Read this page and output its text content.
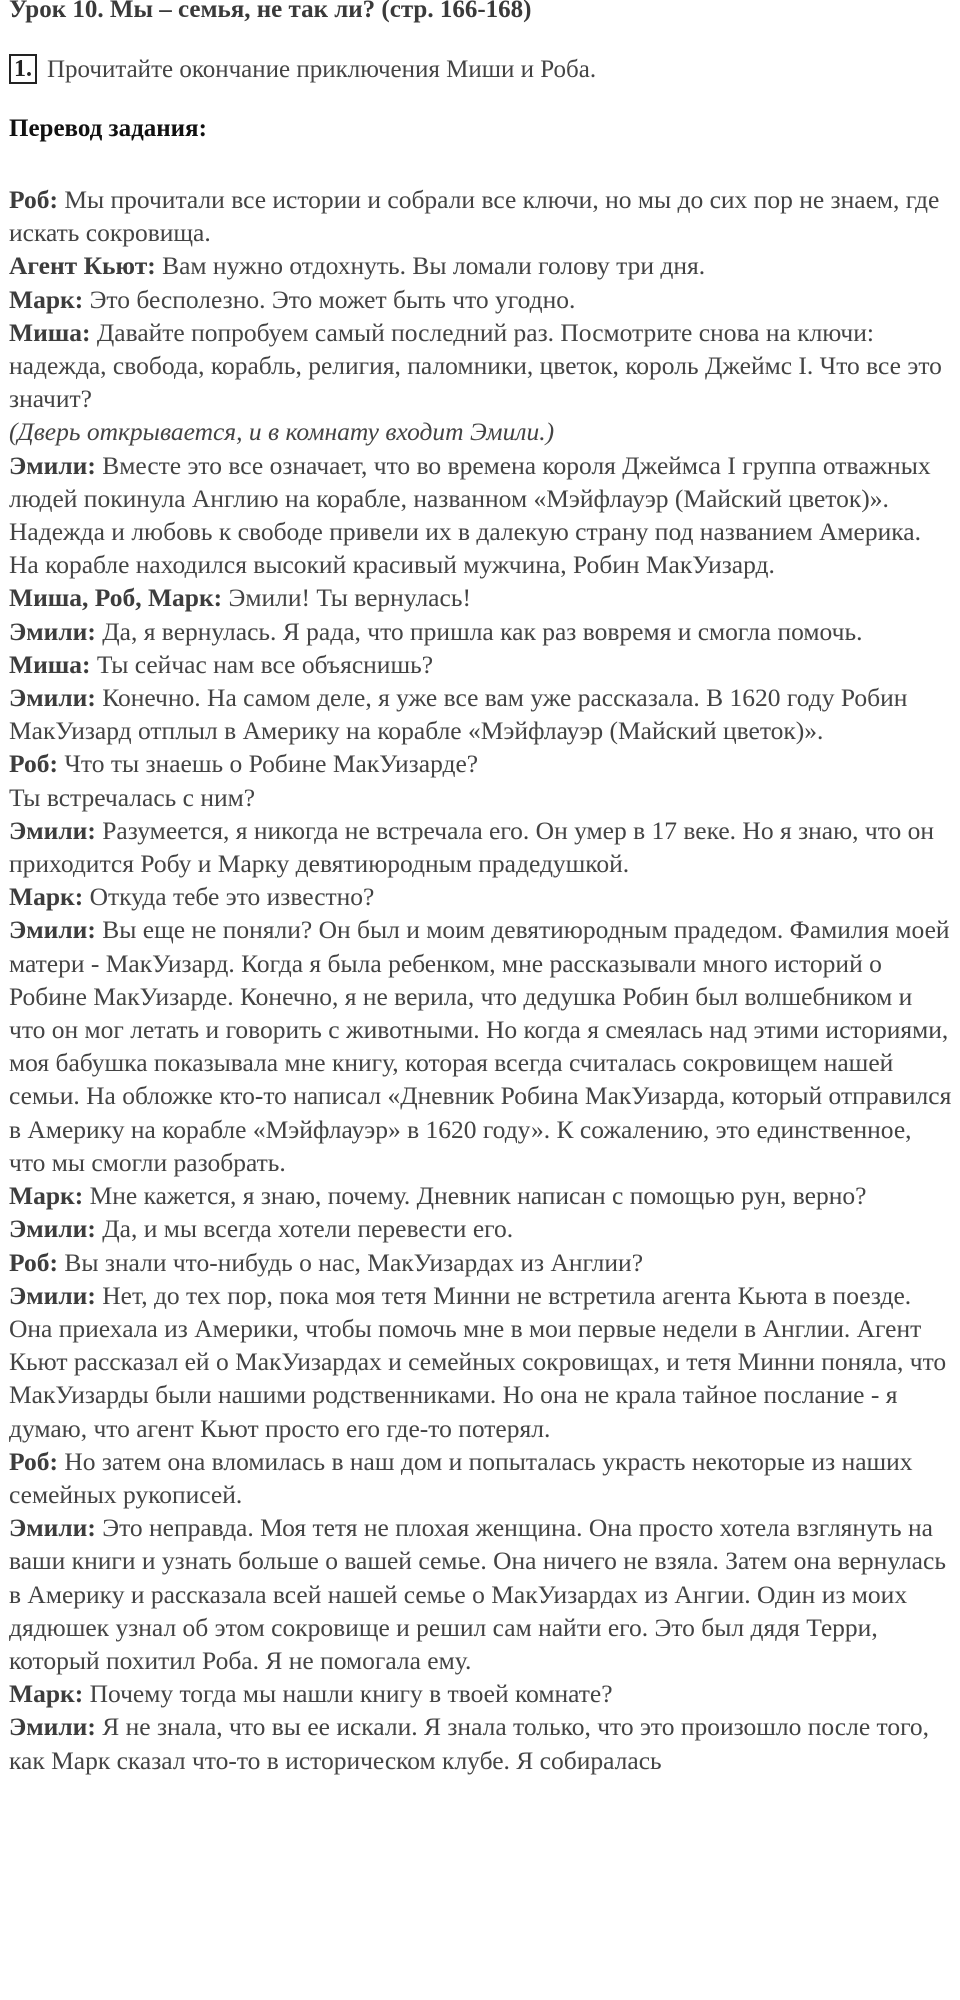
Урок 10. Мы – семья, не так ли? (стр. 166-168)
1. Прочитайте окончание приключения Миши и Роба.
Перевод задания:

Роб: Мы прочитали все истории и собрали все ключи, но мы до сих пор не знаем, где искать сокровища.

Агент Кьют: Вам нужно отдохнуть. Вы ломали голову три дня.

Марк: Это бесполезно. Это может быть что угодно.

Миша: Давайте попробуем самый последний раз. Посмотрите снова на ключи: надежда, свобода, корабль, религия, паломники, цветок, король Джеймс I. Что все это значит?

(Дверь открывается, и в комнату входит Эмили.)

Эмили: Вместе это все означает, что во времена короля Джеймса I группа отважных людей покинула Англию на корабле, названном «Мэйфлауэр (Майский цветок)». Надежда и любовь к свободе привели их в далекую страну под названием Америка. На корабле находился высокий красивый мужчина, Робин МакУизард.

Миша, Роб, Марк: Эмили! Ты вернулась!

Эмили: Да, я вернулась. Я рада, что пришла как раз вовремя и смогла помочь.

Миша: Ты сейчас нам все объяснишь?

Эмили: Конечно. На самом деле, я уже все вам уже рассказала. В 1620 году Робин МакУизард отплыл в Америку на корабле «Мэйфлауэр (Майский цветок)».

Роб: Что ты знаешь о Робине МакУизарде?

Ты встречалась с ним?

Эмили: Разумеется, я никогда не встречала его. Он умер в 17 веке. Но я знаю, что он приходится Робу и Марку девятиюродным прадедушкой.

Марк: Откуда тебе это известно?

Эмили: Вы еще не поняли? Он был и моим девятиюродным прадедом. Фамилия моей матери - МакУизард. Когда я была ребенком, мне рассказывали много историй о Робине МакУизарде. Конечно, я не верила, что дедушка Робин был волшебником и что он мог летать и говорить с животными. Но когда я смеялась над этими историями, моя бабушка показывала мне книгу, которая всегда считалась сокровищем нашей семьи. На обложке кто-то написал «Дневник Робина МакУизарда, который отправился в Америку на корабле «Мэйфлауэр» в 1620 году». К сожалению, это единственное, что мы смогли разобрать.

Марк: Мне кажется, я знаю, почему. Дневник написан с помощью рун, верно?

Эмили: Да, и мы всегда хотели перевести его.

Роб: Вы знали что-нибудь о нас, МакУизардах из Англии?

Эмили: Нет, до тех пор, пока моя тетя Минни не встретила агента Кьюта в поезде. Она приехала из Америки, чтобы помочь мне в мои первые недели в Англии. Агент Кьют рассказал ей о МакУизардах и семейных сокровищах, и тетя Минни поняла, что МакУизарды были нашими родственниками. Но она не крала тайное послание - я думаю, что агент Кьют просто его где-то потерял.

Роб: Но затем она вломилась в наш дом и попыталась украсть некоторые из наших семейных рукописей.

Эмили: Это неправда. Моя тетя не плохая женщина. Она просто хотела взглянуть на ваши книги и узнать больше о вашей семье. Она ничего не взяла. Затем она вернулась в Америку и рассказала всей нашей семье о МакУизардах из Ангии. Один из моих дядюшек узнал об этом сокровище и решил сам найти его. Это был дядя Терри, который похитил Роба. Я не помогала ему.

Марк: Почему тогда мы нашли книгу в твоей комнате?

Эмили: Я не знала, что вы ее искали. Я знала только, что это произошло после того, как Марк сказал что-то в историческом клубе. Я собиралась
